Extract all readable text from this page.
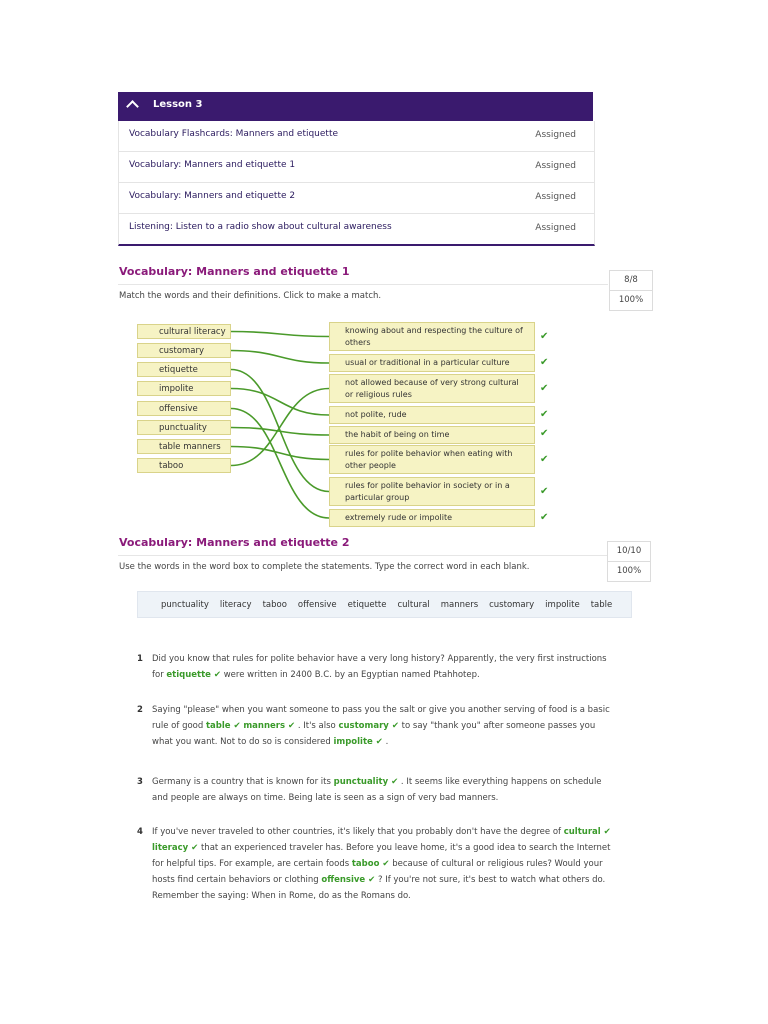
Lesson 3
Vocabulary Flashcards: Manners and etiquette	Assigned
Vocabulary: Manners and etiquette 1	Assigned
Vocabulary: Manners and etiquette 2	Assigned
Listening: Listen to a radio show about cultural awareness	Assigned
Vocabulary: Manners and etiquette 1
Match the words and their definitions. Click to make a match.
8/8
100%
cultural literacy
customary
etiquette
impolite
offensive
punctuality
table manners
taboo
knowing about and respecting the culture of others
usual or traditional in a particular culture
not allowed because of very strong cultural or religious rules
not polite, rude
the habit of being on time
rules for polite behavior when eating with other people
rules for polite behavior in society or in a particular group
extremely rude or impolite
✔
✔
✔
✔
✔
✔
✔
✔
Vocabulary: Manners and etiquette 2
Use the words in the word box to complete the statements. Type the correct word in each blank.
10/10
100%
punctuality literacy taboo offensive etiquette cultural manners customary impolite table
1 Did you know that rules for polite behavior have a very long history? Apparently, the very first instructions for etiquette ✔ were written in 2400 B.C. by an Egyptian named Ptahhotep.
2 Saying "please" when you want someone to pass you the salt or give you another serving of food is a basic rule of good table ✔ manners ✔ . It's also customary ✔ to say "thank you" after someone passes you what you want. Not to do so is considered impolite ✔ .
3 Germany is a country that is known for its punctuality ✔ . It seems like everything happens on schedule and people are always on time. Being late is seen as a sign of very bad manners.
4 If you've never traveled to other countries, it's likely that you probably don't have the degree of cultural ✔ literacy ✔ that an experienced traveler has. Before you leave home, it's a good idea to search the Internet for helpful tips. For example, are certain foods taboo ✔ because of cultural or religious rules? Would your hosts find certain behaviors or clothing offensive ✔ ? If you're not sure, it's best to watch what others do. Remember the saying: When in Rome, do as the Romans do.
